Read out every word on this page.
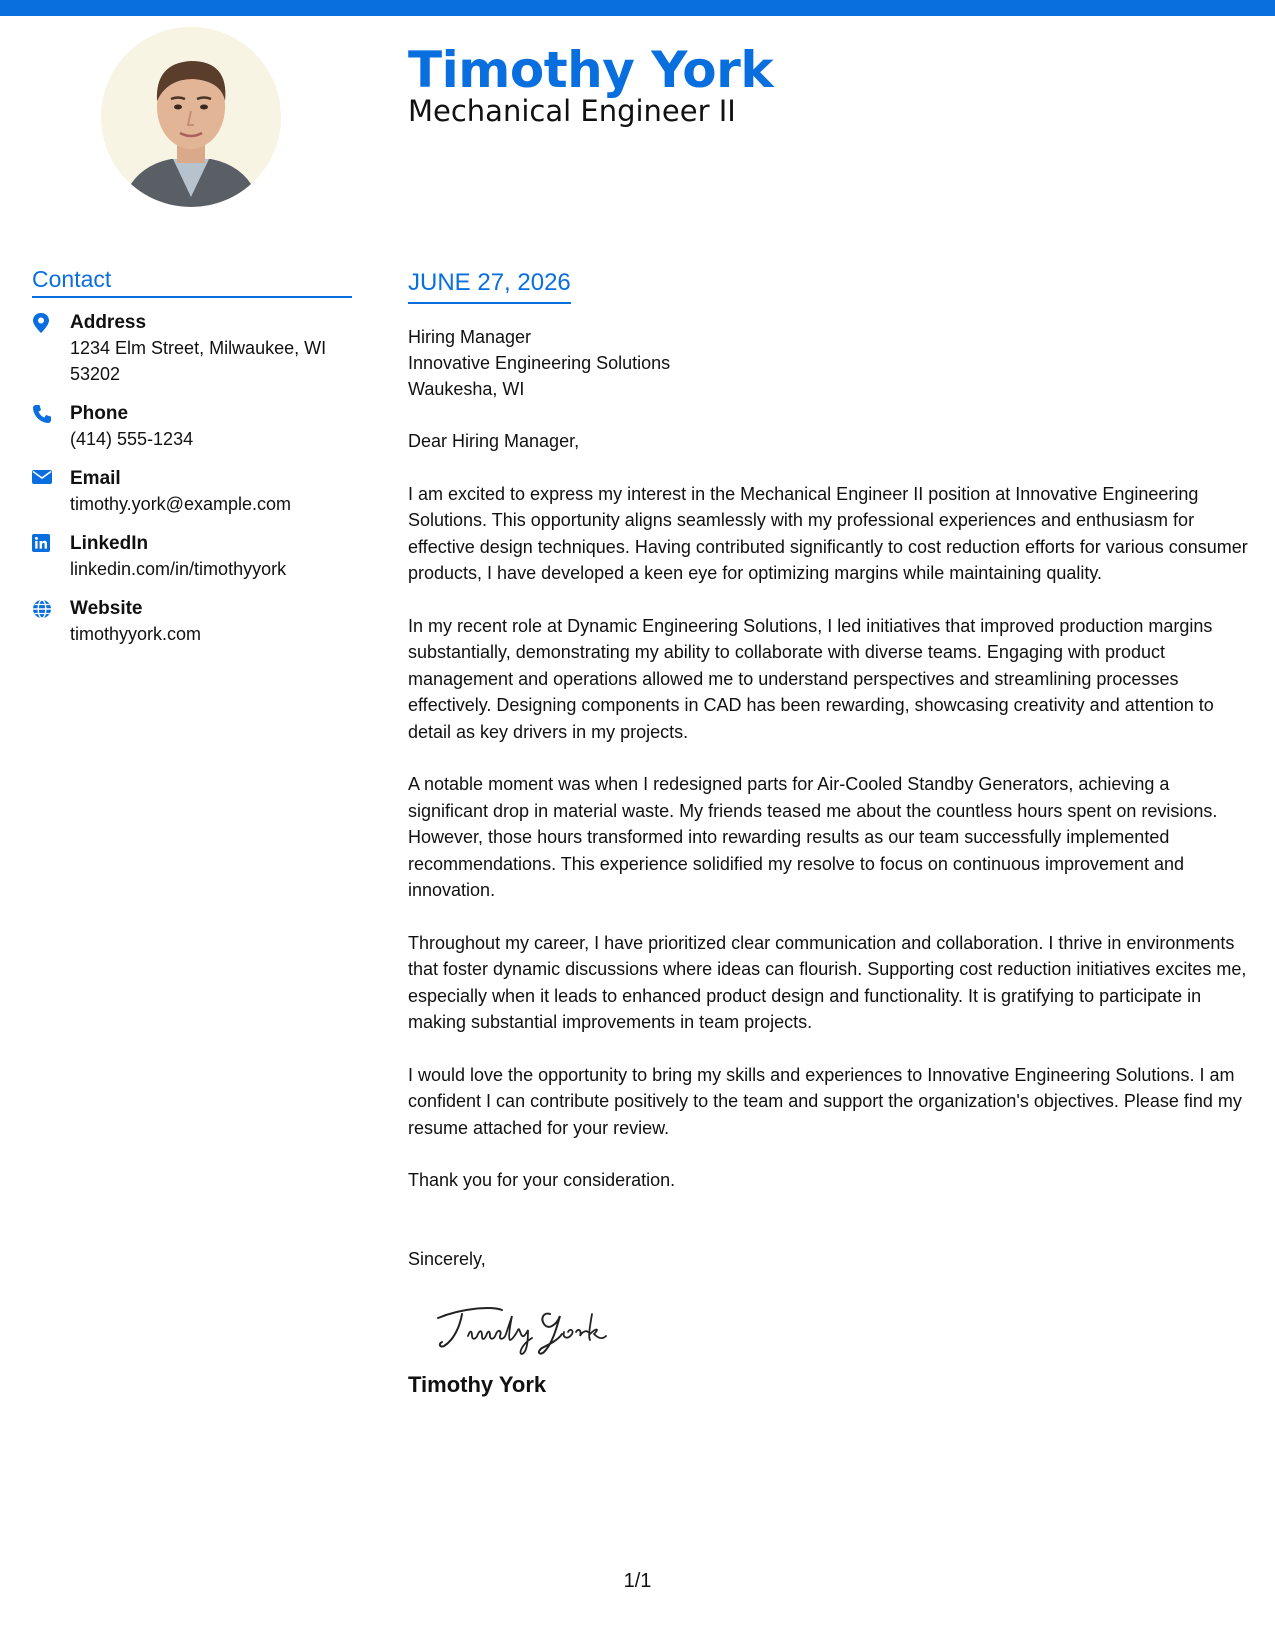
Timothy York
Mechanical Engineer II
Contact
Address
1234 Elm Street, Milwaukee, WI
53202
Phone
(414) 555-1234
Email
timothy.york@example.com
LinkedIn
linkedin.com/in/timothyyork
Website
timothyyork.com
JUNE 27, 2026
Hiring Manager
Innovative Engineering Solutions
Waukesha, WI
Dear Hiring Manager,
I am excited to express my interest in the Mechanical Engineer II position at Innovative Engineering Solutions. This opportunity aligns seamlessly with my professional experiences and enthusiasm for effective design techniques. Having contributed significantly to cost reduction efforts for various consumer products, I have developed a keen eye for optimizing margins while maintaining quality.
In my recent role at Dynamic Engineering Solutions, I led initiatives that improved production margins substantially, demonstrating my ability to collaborate with diverse teams. Engaging with product management and operations allowed me to understand perspectives and streamlining processes effectively. Designing components in CAD has been rewarding, showcasing creativity and attention to detail as key drivers in my projects.
A notable moment was when I redesigned parts for Air-Cooled Standby Generators, achieving a significant drop in material waste. My friends teased me about the countless hours spent on revisions. However, those hours transformed into rewarding results as our team successfully implemented recommendations. This experience solidified my resolve to focus on continuous improvement and innovation.
Throughout my career, I have prioritized clear communication and collaboration. I thrive in environments that foster dynamic discussions where ideas can flourish. Supporting cost reduction initiatives excites me, especially when it leads to enhanced product design and functionality. It is gratifying to participate in making substantial improvements in team projects.
I would love the opportunity to bring my skills and experiences to Innovative Engineering Solutions. I am confident I can contribute positively to the team and support the organization's objectives. Please find my resume attached for your review.
Thank you for your consideration.
Sincerely,
Timothy York
1/1
